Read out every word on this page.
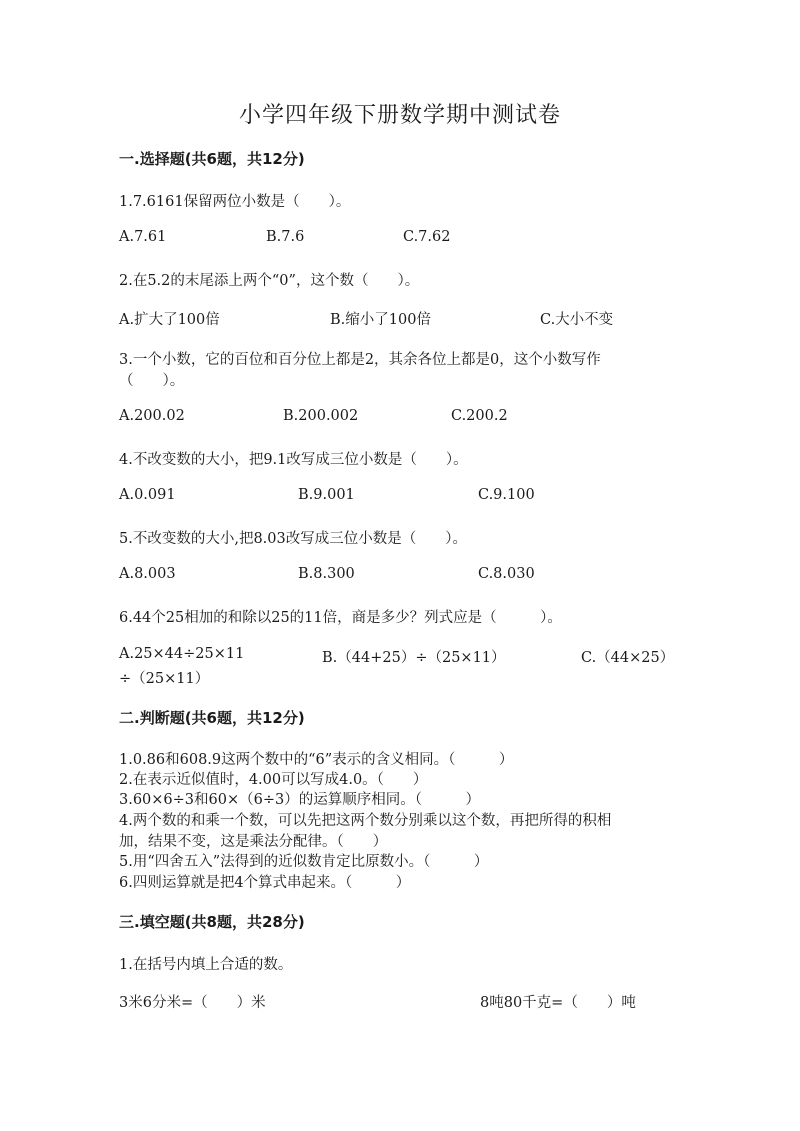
小学四年级下册数学期中测试卷
一.选择题(共6题，共12分)
1.7.6161保留两位小数是（　　）。
A.7.61	B.7.6	C.7.62
2.在5.2的末尾添上两个“0”，这个数（　　）。
A.扩大了100倍	B.缩小了100倍	C.大小不变
3.一个小数，它的百位和百分位上都是2，其余各位上都是0，这个小数写作
（　　）。
A.200.02	B.200.002	C.200.2
4.不改变数的大小，把9.1改写成三位小数是（　　）。
A.0.091	B.9.001	C.9.100
5.不改变数的大小,把8.03改写成三位小数是（　　）。
A.8.003	B.8.300	C.8.030
6.44个25相加的和除以25的11倍，商是多少？列式应是（　　　）。
A.25×44÷25×11	B.（44+25）÷（25×11）	C.（44×25）
÷（25×11）
二.判断题(共6题，共12分)
1.0.86和608.9这两个数中的“6”表示的含义相同。（　　　）
2.在表示近似值时，4.00可以写成4.0。（　　）
3.60×6÷3和60×（6÷3）的运算顺序相同。（　　　）
4.两个数的和乘一个数，可以先把这两个数分别乘以这个数，再把所得的积相
加，结果不变，这是乘法分配律。（　　）
5.用“四舍五入”法得到的近似数肯定比原数小。（　　　）
6.四则运算就是把4个算式串起来。（　　　）
三.填空题(共8题，共28分)
1.在括号内填上合适的数。
3米6分米=（　　）米	8吨80千克=（　　）吨
